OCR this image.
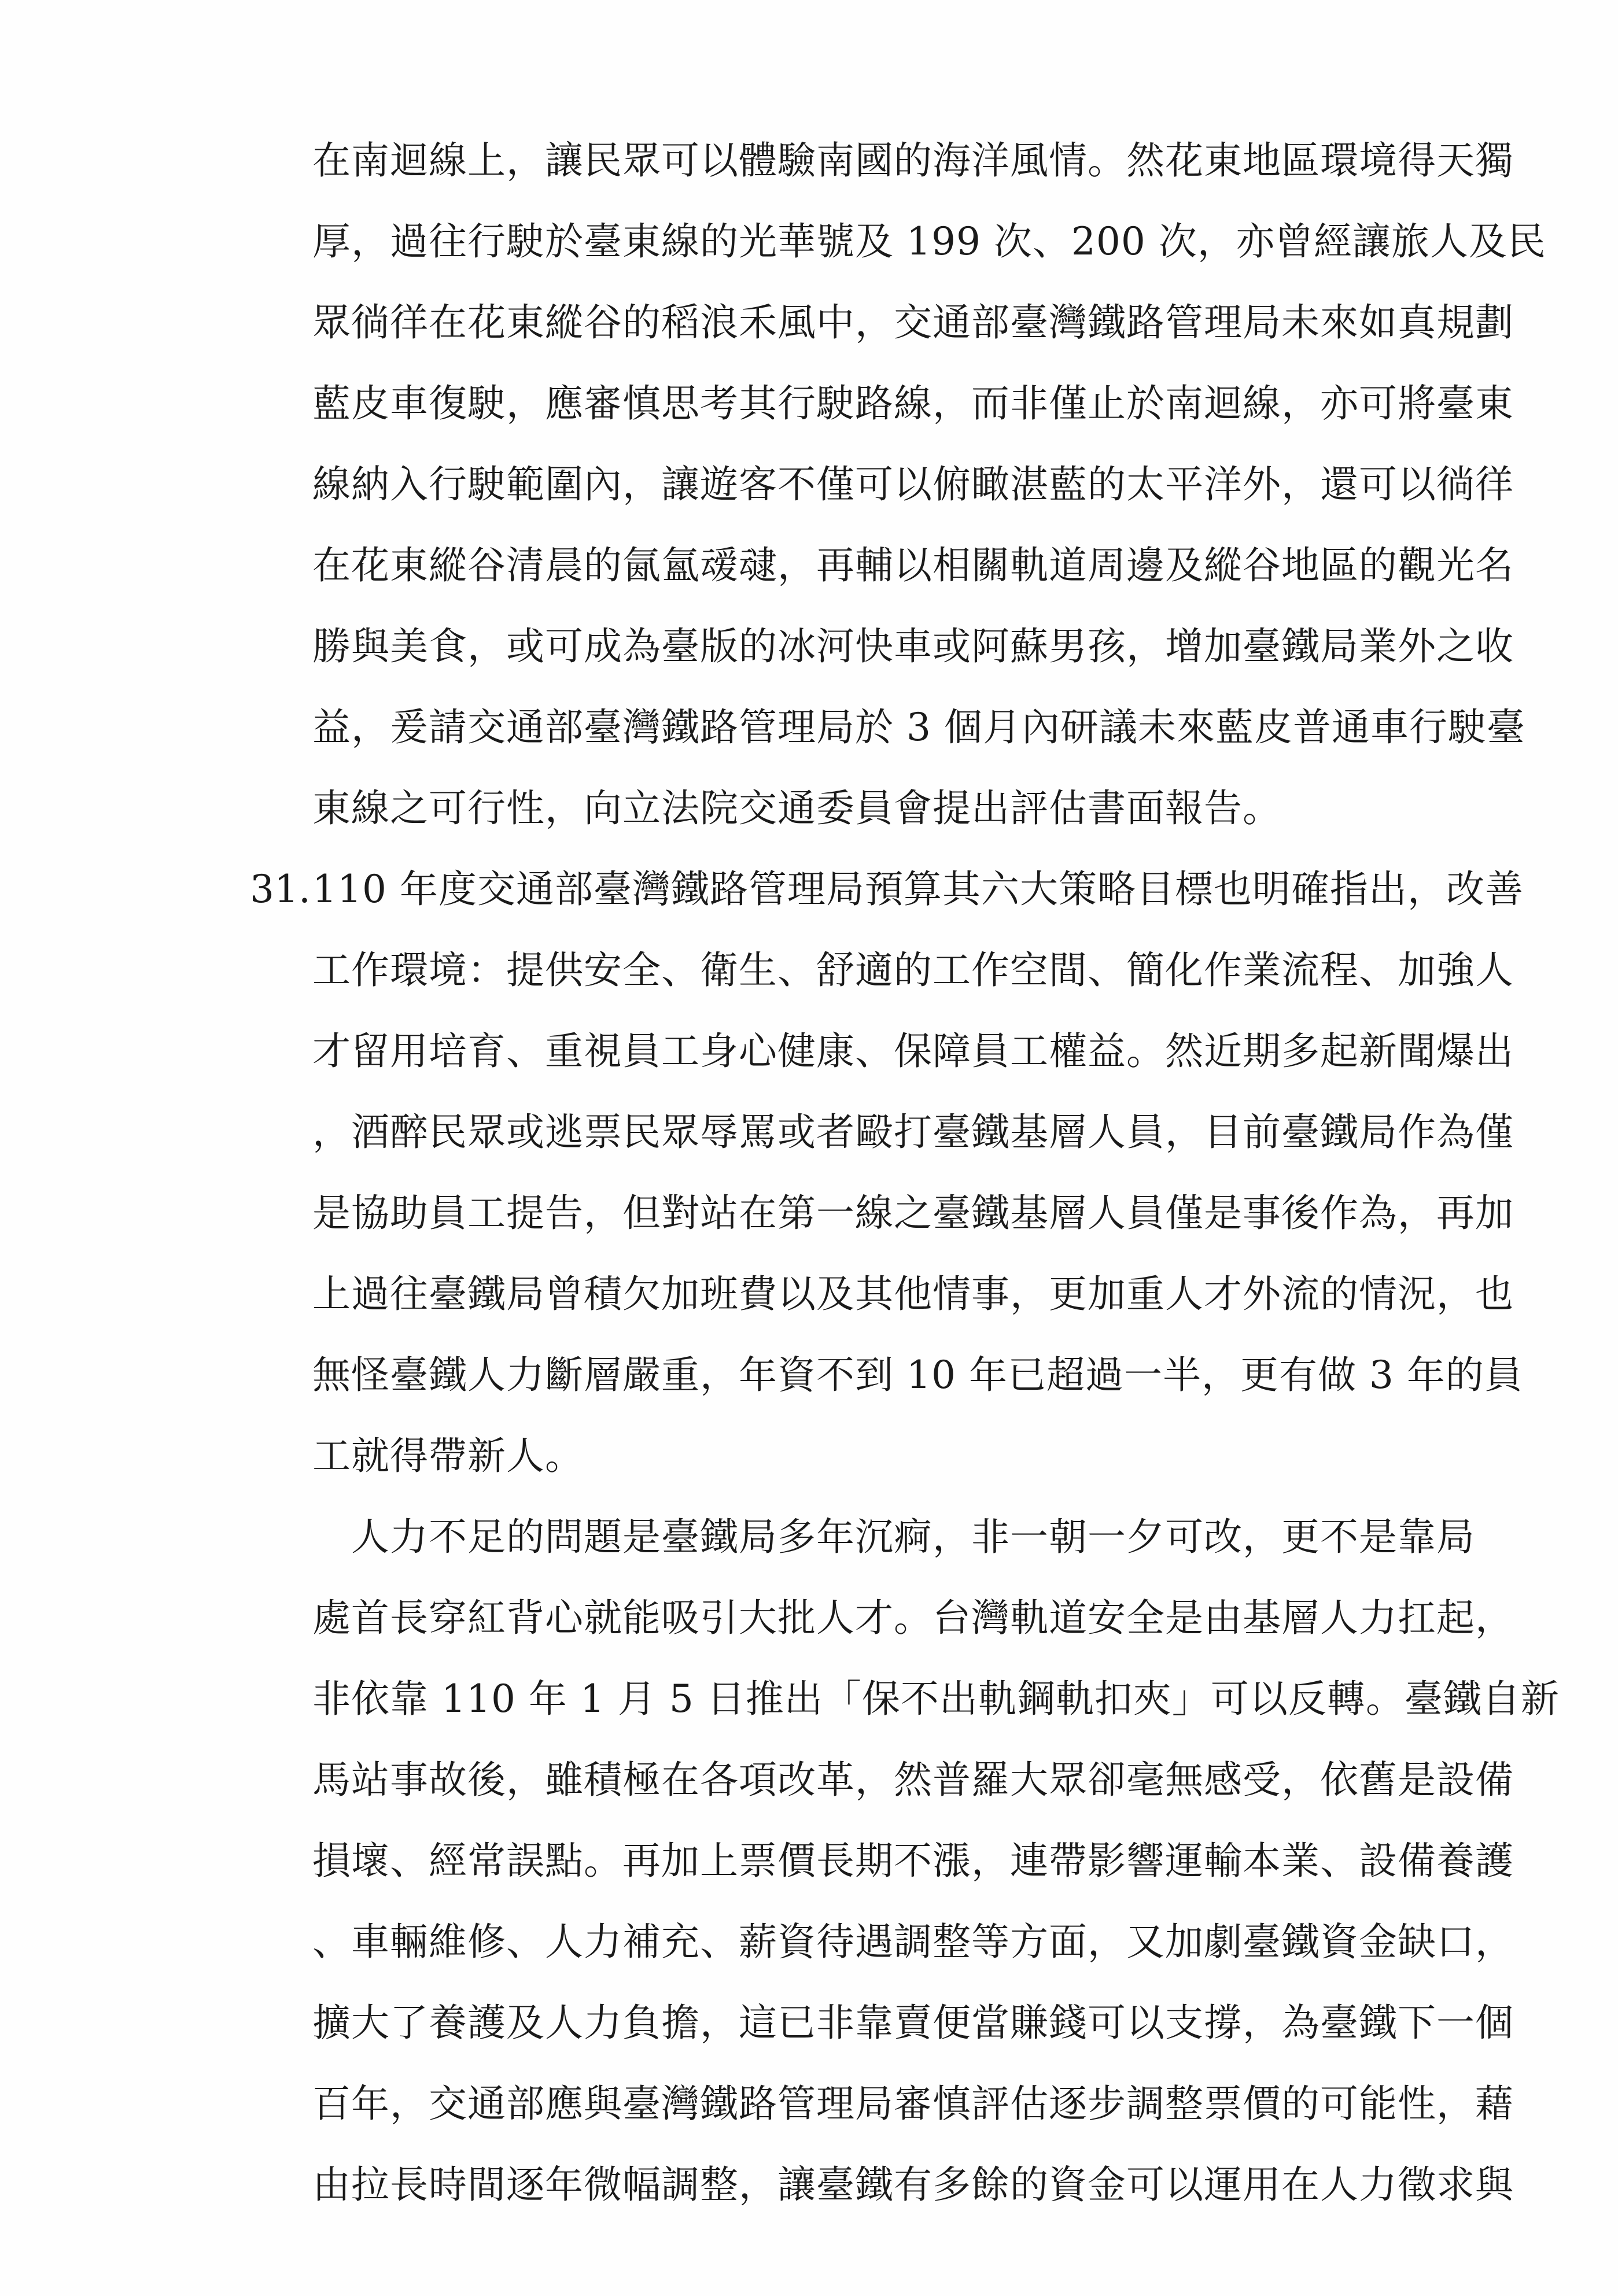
在南迴線上，讓民眾可以體驗南國的海洋風情。然花東地區環境得天獨
厚，過往行駛於臺東線的光華號及 199 次、200 次，亦曾經讓旅人及民
眾徜徉在花東縱谷的稻浪禾風中，交通部臺灣鐵路管理局未來如真規劃
藍皮車復駛，應審慎思考其行駛路線，而非僅止於南迴線，亦可將臺東
線納入行駛範圍內，讓遊客不僅可以俯瞰湛藍的太平洋外，還可以徜徉
在花東縱谷清晨的氤氳叆叇，再輔以相關軌道周邊及縱谷地區的觀光名
勝與美食，或可成為臺版的冰河快車或阿蘇男孩，增加臺鐵局業外之收
益，爰請交通部臺灣鐵路管理局於 3 個月內研議未來藍皮普通車行駛臺
東線之可行性，向立法院交通委員會提出評估書面報告。
31. 110 年度交通部臺灣鐵路管理局預算其六大策略目標也明確指出，改善
工作環境：提供安全、衛生、舒適的工作空間、簡化作業流程、加強人
才留用培育、重視員工身心健康、保障員工權益。然近期多起新聞爆出
，酒醉民眾或逃票民眾辱罵或者毆打臺鐵基層人員，目前臺鐵局作為僅
是協助員工提告，但對站在第一線之臺鐵基層人員僅是事後作為，再加
上過往臺鐵局曾積欠加班費以及其他情事，更加重人才外流的情況，也
無怪臺鐵人力斷層嚴重，年資不到 10 年已超過一半，更有做 3 年的員
工就得帶新人。
　人力不足的問題是臺鐵局多年沉痾，非一朝一夕可改，更不是靠局
處首長穿紅背心就能吸引大批人才。台灣軌道安全是由基層人力扛起，
非依靠 110 年 1 月 5 日推出「保不出軌鋼軌扣夾」可以反轉。臺鐵自新
馬站事故後，雖積極在各項改革，然普羅大眾卻毫無感受，依舊是設備
損壞、經常誤點。再加上票價長期不漲，連帶影響運輸本業、設備養護
、車輛維修、人力補充、薪資待遇調整等方面，又加劇臺鐵資金缺口，
擴大了養護及人力負擔，這已非靠賣便當賺錢可以支撐，為臺鐵下一個
百年，交通部應與臺灣鐵路管理局審慎評估逐步調整票價的可能性，藉
由拉長時間逐年微幅調整，讓臺鐵有多餘的資金可以運用在人力徵求與
